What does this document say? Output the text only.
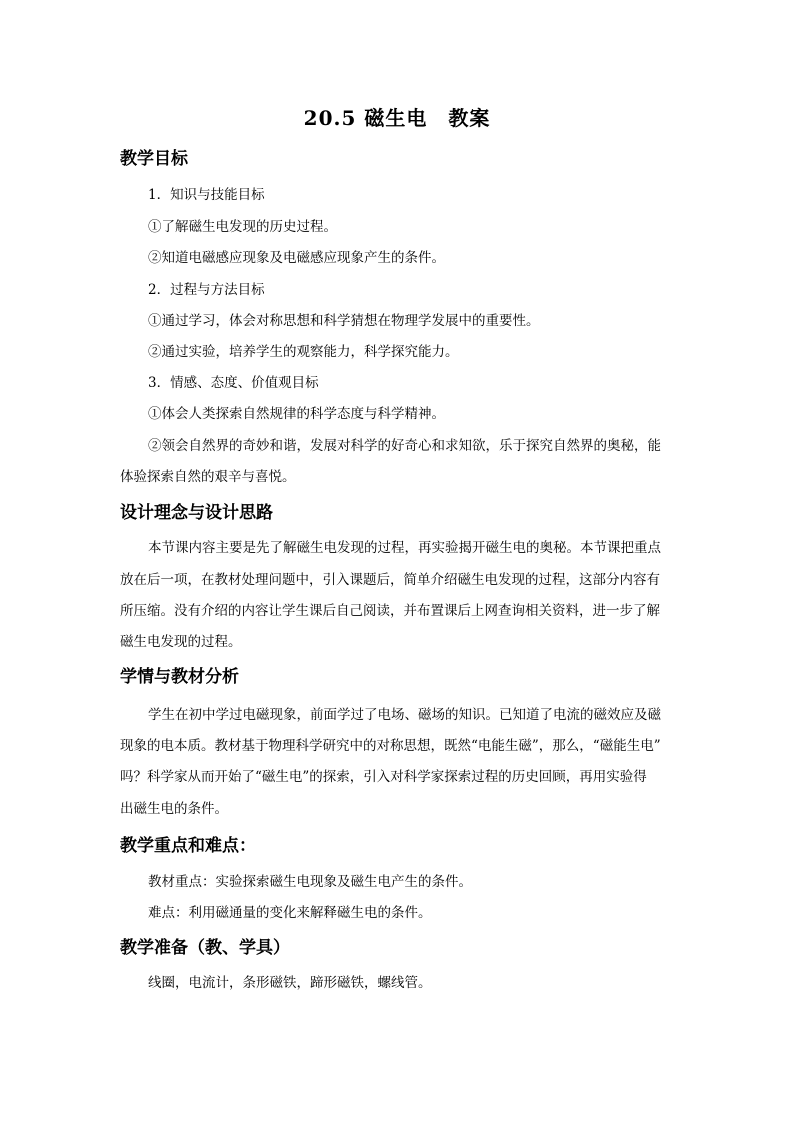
20.5 磁生电　教案
教学目标
1．知识与技能目标
①了解磁生电发现的历史过程。
②知道电磁感应现象及电磁感应现象产生的条件。
2．过程与方法目标
①通过学习，体会对称思想和科学猜想在物理学发展中的重要性。
②通过实验，培养学生的观察能力，科学探究能力。
3．情感、态度、价值观目标
①体会人类探索自然规律的科学态度与科学精神。
②领会自然界的奇妙和谐，发展对科学的好奇心和求知欲，乐于探究自然界的奥秘，能
体验探索自然的艰辛与喜悦。
设计理念与设计思路
本节课内容主要是先了解磁生电发现的过程，再实验揭开磁生电的奥秘。本节课把重点
放在后一项，在教材处理问题中，引入课题后，简单介绍磁生电发现的过程，这部分内容有
所压缩。没有介绍的内容让学生课后自己阅读，并布置课后上网查询相关资料，进一步了解
磁生电发现的过程。
学情与教材分析
学生在初中学过电磁现象，前面学过了电场、磁场的知识。已知道了电流的磁效应及磁
现象的电本质。教材基于物理科学研究中的对称思想，既然“电能生磁”，那么，“磁能生电”
吗？科学家从而开始了“磁生电”的探索，引入对科学家探索过程的历史回顾，再用实验得
出磁生电的条件。
教学重点和难点：
教材重点：实验探索磁生电现象及磁生电产生的条件。
难点：利用磁通量的变化来解释磁生电的条件。
教学准备（教、学具）
线圈，电流计，条形磁铁，蹄形磁铁，螺线管。
